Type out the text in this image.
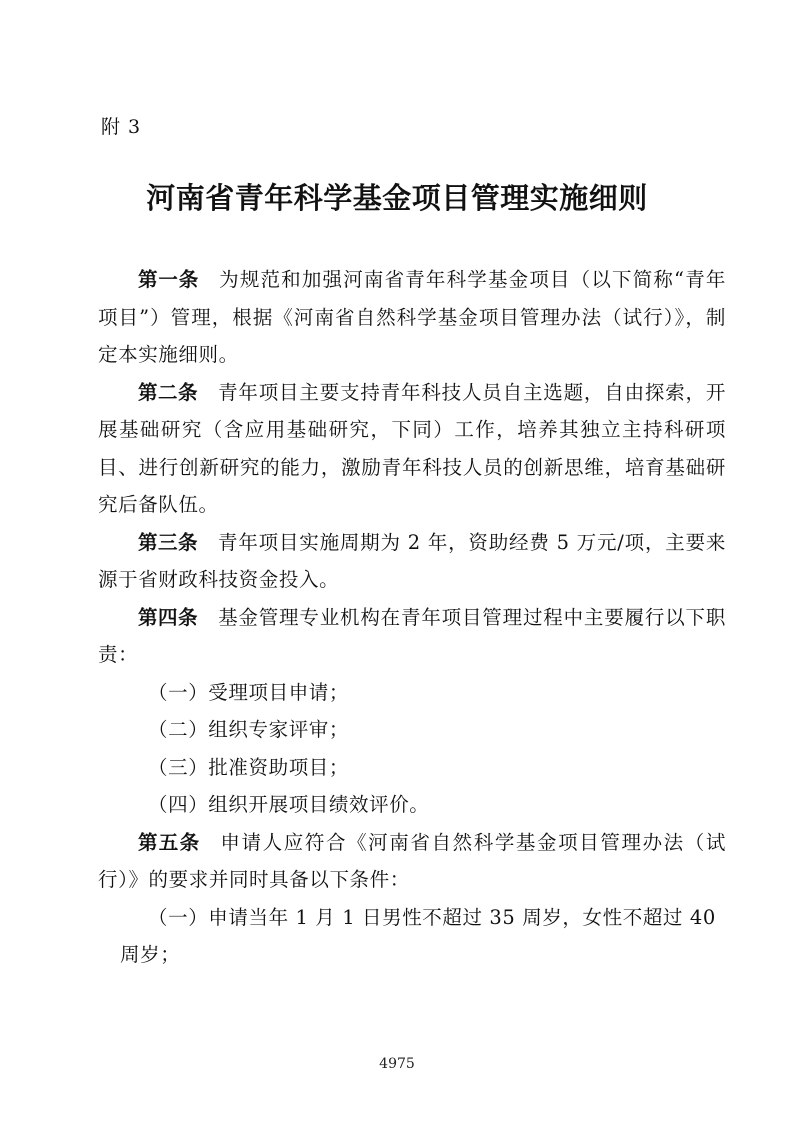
附 3
河南省青年科学基金项目管理实施细则

第一条 为规范和加强河南省青年科学基金项目（以下简称“青年项目”）管理，根据《河南省自然科学基金项目管理办法（试行）》，制定本实施细则。

第二条 青年项目主要支持青年科技人员自主选题，自由探索，开展基础研究（含应用基础研究，下同）工作，培养其独立主持科研项目、进行创新研究的能力，激励青年科技人员的创新思维，培育基础研究后备队伍。

第三条 青年项目实施周期为 2 年，资助经费 5 万元/项，主要来源于省财政科技资金投入。

第四条 基金管理专业机构在青年项目管理过程中主要履行以下职责：

（一）受理项目申请；

（二）组织专家评审；

（三）批准资助项目；

（四）组织开展项目绩效评价。

第五条 申请人应符合《河南省自然科学基金项目管理办法（试行）》的要求并同时具备以下条件：

（一）申请当年 1 月 1 日男性不超过 35 周岁，女性不超过 40 周岁；

4975
